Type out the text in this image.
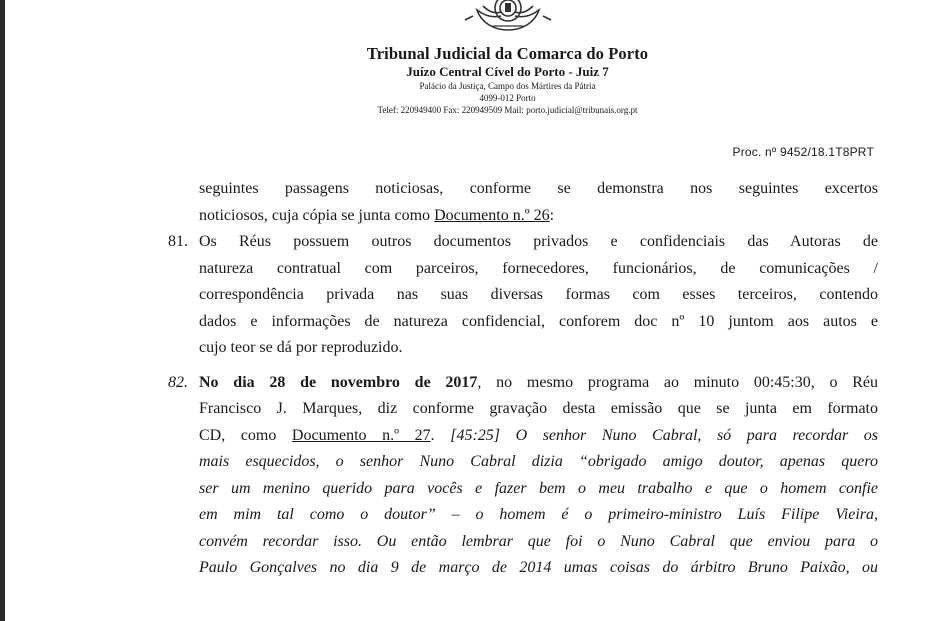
Tribunal Judicial da Comarca do Porto
Juízo Central Cível do Porto - Juiz 7
Palácio da Justiça, Campo dos Mártires da Pátria
4099-012 Porto
Telef: 220949400 Fax: 220949509 Mail: porto.judicial@tribunais.org.pt
Proc. nº 9452/18.1T8PRT
seguintes passagens noticiosas, conforme se demonstra nos seguintes excertos
noticiosos, cuja cópia se junta como Documento n.º 26:
81. Os Réus possuem outros documentos privados e confidenciais das Autoras de
natureza contratual com parceiros, fornecedores, funcionários, de comunicações /
correspondência privada nas suas diversas formas com esses terceiros, contendo
dados e informações de natureza confidencial, conforem doc nº 10 juntom aos autos e
cujo teor se dá por reproduzido.
82. No dia 28 de novembro de 2017, no mesmo programa ao minuto 00:45:30, o Réu
Francisco J. Marques, diz conforme gravação desta emissão que se junta em formato
CD, como Documento n.º 27. [45:25] O senhor Nuno Cabral, só para recordar os
mais esquecidos, o senhor Nuno Cabral dizia “obrigado amigo doutor, apenas quero
ser um menino querido para vocês e fazer bem o meu trabalho e que o homem confie
em mim tal como o doutor” – o homem é o primeiro-ministro Luís Filipe Vieira,
convém recordar isso. Ou então lembrar que foi o Nuno Cabral que enviou para o
Paulo Gonçalves no dia 9 de março de 2014 umas coisas do árbitro Bruno Paixão, ou
